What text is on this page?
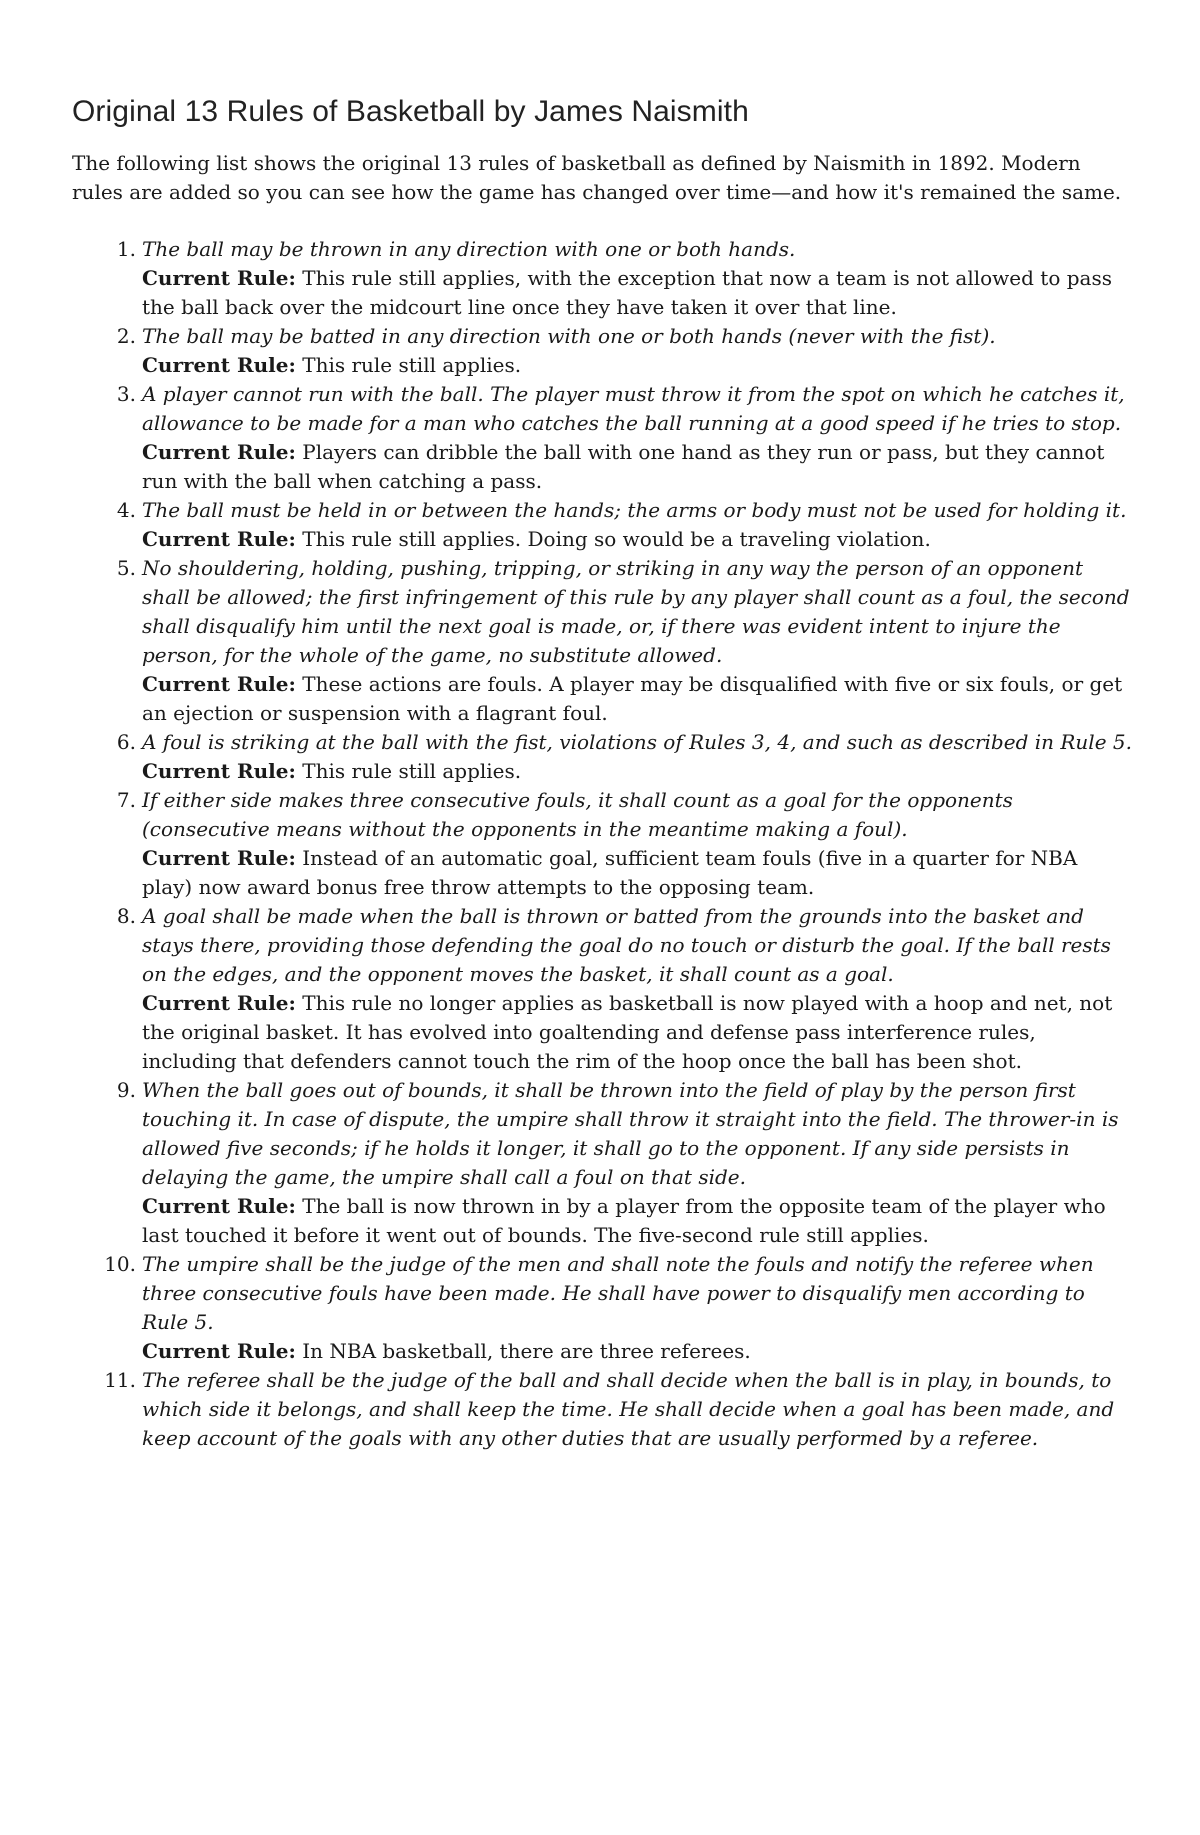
Original 13 Rules of Basketball by James Naismith

The following list shows the original 13 rules of basketball as defined by Naismith in 1892. Modern rules are added so you can see how the game has changed over time—and how it's remained the same.

1. The ball may be thrown in any direction with one or both hands.
Current Rule: This rule still applies, with the exception that now a team is not allowed to pass the ball back over the midcourt line once they have taken it over that line.
2. The ball may be batted in any direction with one or both hands (never with the fist).
Current Rule: This rule still applies.
3. A player cannot run with the ball. The player must throw it from the spot on which he catches it, allowance to be made for a man who catches the ball running at a good speed if he tries to stop.
Current Rule: Players can dribble the ball with one hand as they run or pass, but they cannot run with the ball when catching a pass.
4. The ball must be held in or between the hands; the arms or body must not be used for holding it.
Current Rule: This rule still applies. Doing so would be a traveling violation.
5. No shouldering, holding, pushing, tripping, or striking in any way the person of an opponent shall be allowed; the first infringement of this rule by any player shall count as a foul, the second shall disqualify him until the next goal is made, or, if there was evident intent to injure the person, for the whole of the game, no substitute allowed.
Current Rule: These actions are fouls. A player may be disqualified with five or six fouls, or get an ejection or suspension with a flagrant foul.
6. A foul is striking at the ball with the fist, violations of Rules 3, 4, and such as described in Rule 5.
Current Rule: This rule still applies.
7. If either side makes three consecutive fouls, it shall count as a goal for the opponents (consecutive means without the opponents in the meantime making a foul).
Current Rule: Instead of an automatic goal, sufficient team fouls (five in a quarter for NBA play) now award bonus free throw attempts to the opposing team.
8. A goal shall be made when the ball is thrown or batted from the grounds into the basket and stays there, providing those defending the goal do no touch or disturb the goal. If the ball rests on the edges, and the opponent moves the basket, it shall count as a goal.
Current Rule: This rule no longer applies as basketball is now played with a hoop and net, not the original basket. It has evolved into goaltending and defense pass interference rules, including that defenders cannot touch the rim of the hoop once the ball has been shot.
9. When the ball goes out of bounds, it shall be thrown into the field of play by the person first touching it. In case of dispute, the umpire shall throw it straight into the field. The thrower-in is allowed five seconds; if he holds it longer, it shall go to the opponent. If any side persists in delaying the game, the umpire shall call a foul on that side.
Current Rule: The ball is now thrown in by a player from the opposite team of the player who last touched it before it went out of bounds. The five-second rule still applies.
10. The umpire shall be the judge of the men and shall note the fouls and notify the referee when three consecutive fouls have been made. He shall have power to disqualify men according to Rule 5.
Current Rule: In NBA basketball, there are three referees.
11. The referee shall be the judge of the ball and shall decide when the ball is in play, in bounds, to which side it belongs, and shall keep the time. He shall decide when a goal has been made, and keep account of the goals with any other duties that are usually performed by a referee.
